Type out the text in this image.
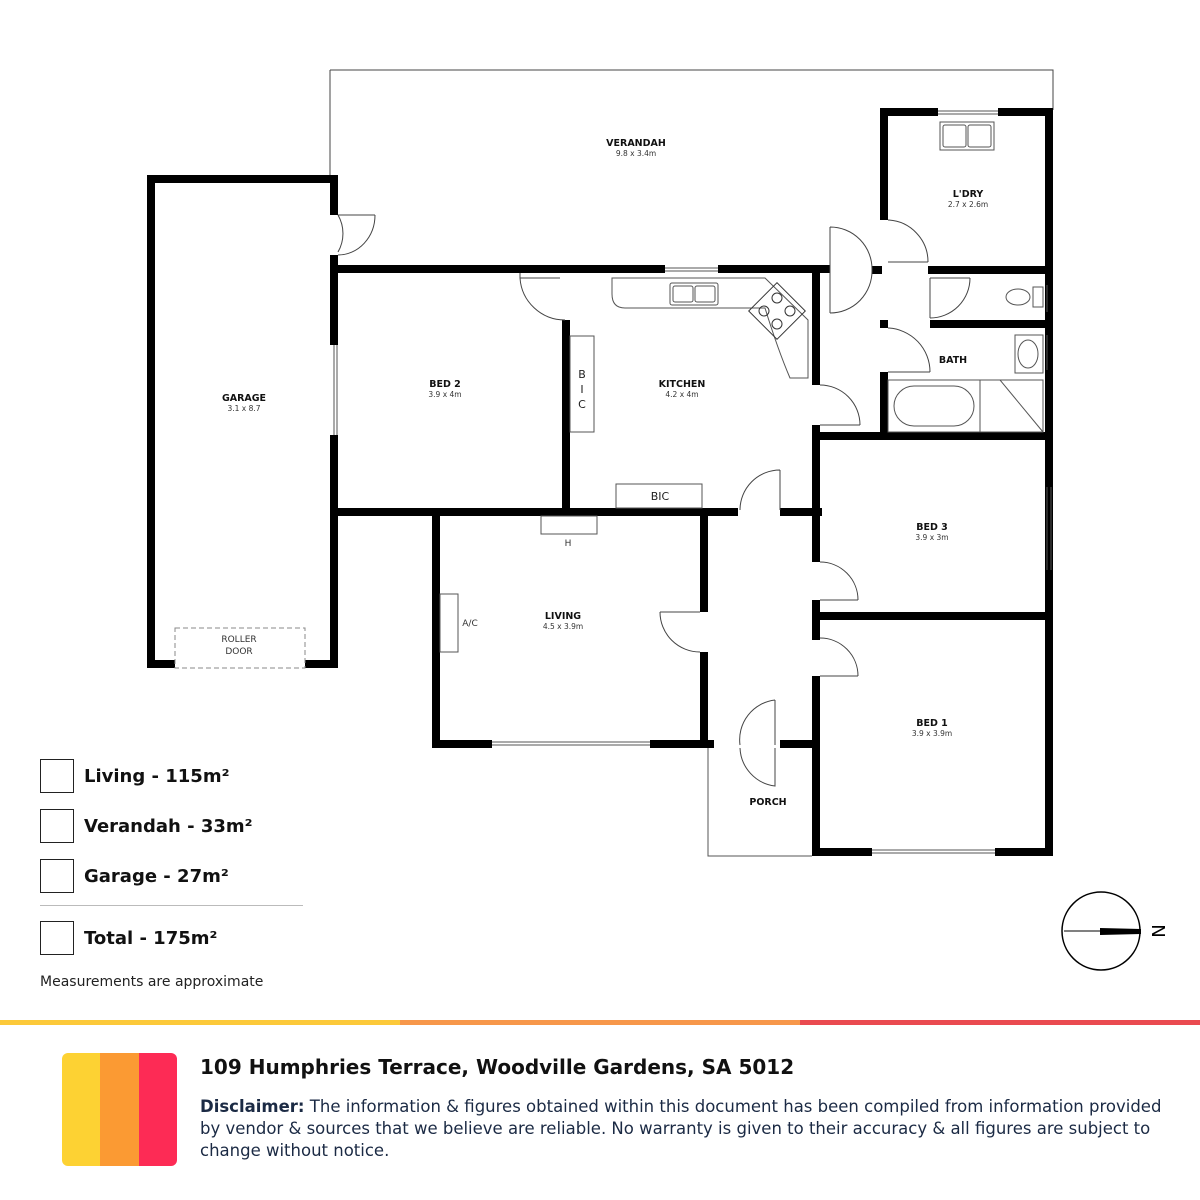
VERANDAH
9.8 x 3.4m
L'DRY
2.7 x 2.6m
GARAGE
3.1 x 8.7
BED 2
3.9 x 4m
KITCHEN
4.2 x 4m
BATH
BED 3
3.9 x 3m
LIVING
4.5 x 3.9m
BED 1
3.9 x 3.9m
PORCH
ROLLER
DOOR
B
I
C
BIC
H
A/C
N
Living - 115m²
Verandah - 33m²
Garage - 27m²
Total - 175m²
Measurements are approximate
109 Humphries Terrace, Woodville Gardens, SA 5012
Disclaimer: The information & figures obtained within this document has been compiled from information provided by vendor & sources that we believe are reliable. No warranty is given to their accuracy & all figures are subject to change without notice.
